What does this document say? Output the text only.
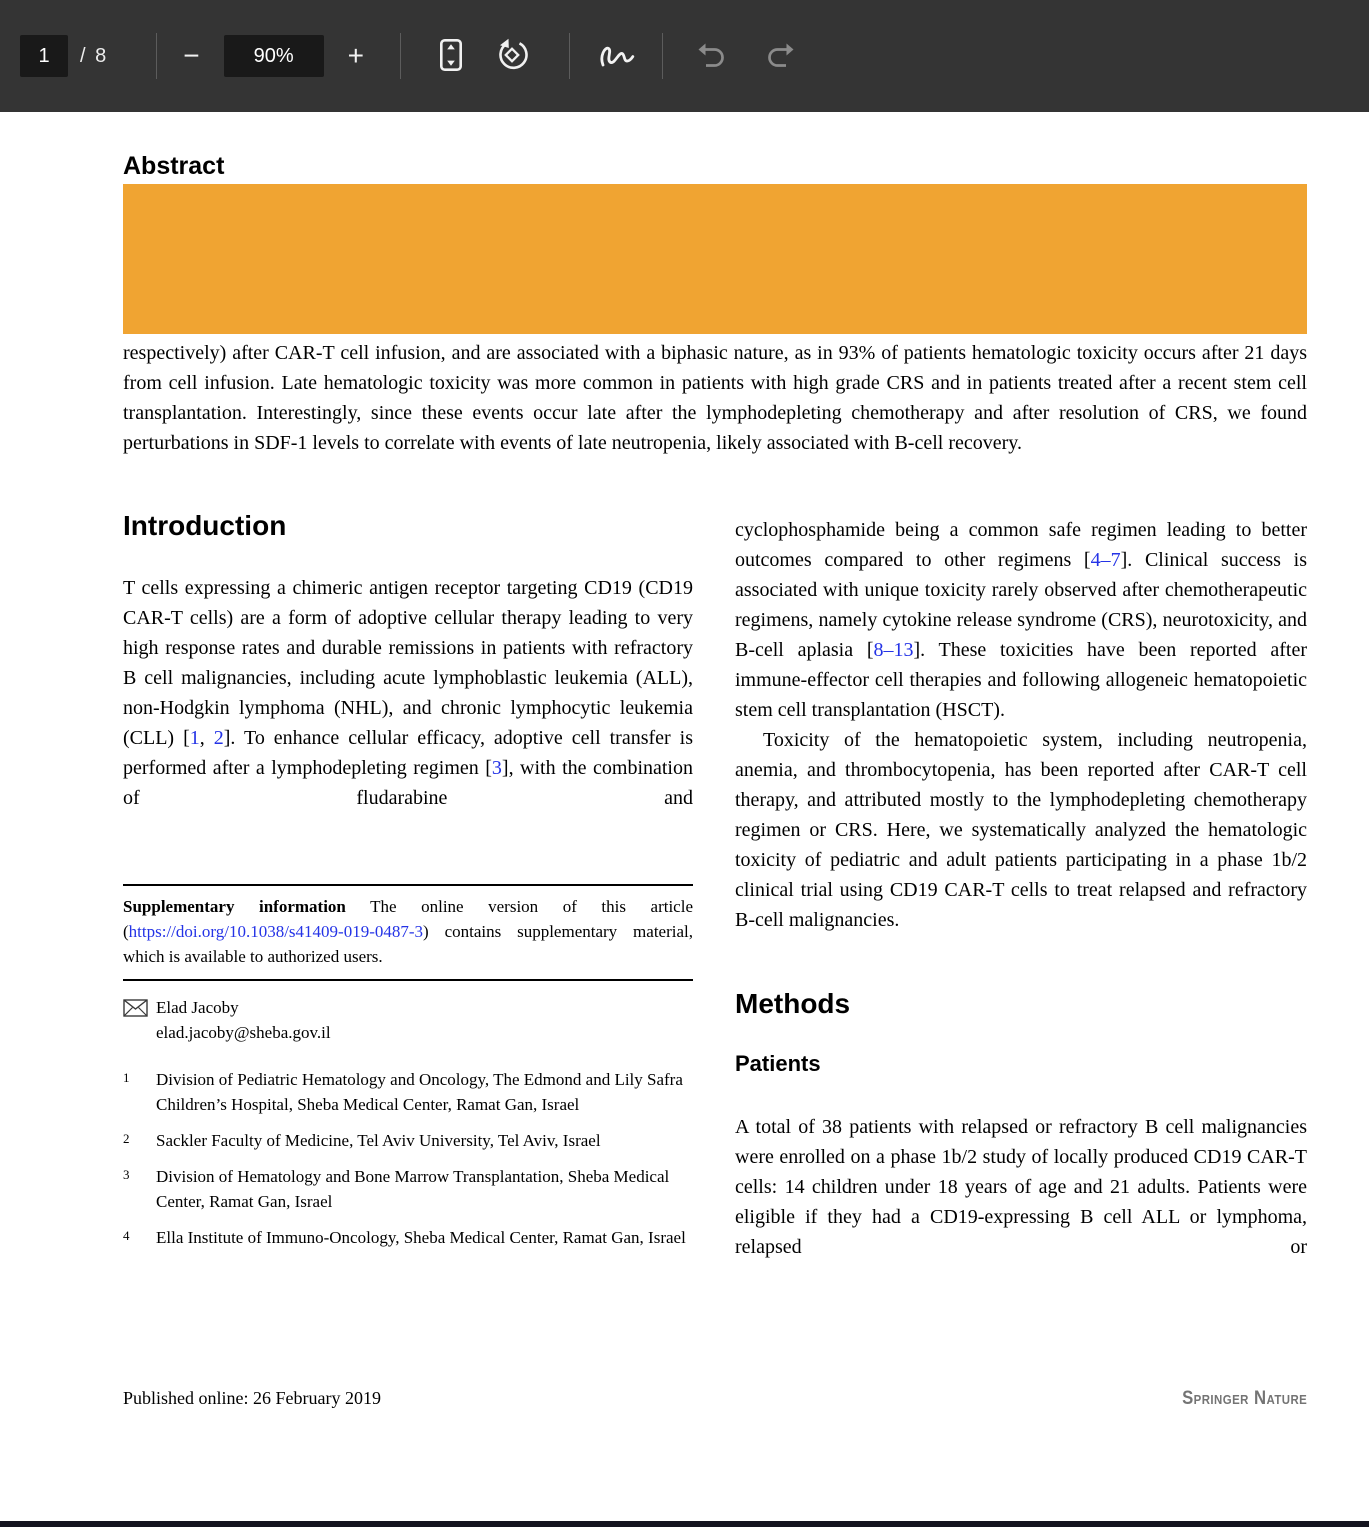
1	/ 8	−	90%	+
Abstract

respectively) after CAR-T cell infusion, and are associated with a biphasic nature, as in 93% of patients hematologic toxicity occurs after 21 days from cell infusion. Late hematologic toxicity was more common in patients with high grade CRS and in patients treated after a recent stem cell transplantation. Interestingly, since these events occur late after the lymphodepleting chemotherapy and after resolution of CRS, we found perturbations in SDF-1 levels to correlate with events of late neutropenia, likely associated with B-cell recovery.

Introduction

T cells expressing a chimeric antigen receptor targeting CD19 (CD19 CAR-T cells) are a form of adoptive cellular therapy leading to very high response rates and durable remissions in patients with refractory B cell malignancies, including acute lymphoblastic leukemia (ALL), non-Hodgkin lymphoma (NHL), and chronic lymphocytic leukemia (CLL) [1, 2]. To enhance cellular efficacy, adoptive cell transfer is performed after a lymphodepleting regimen [3], with the combination of fludarabine and

Supplementary information The online version of this article (https://doi.org/10.1038/s41409-019-0487-3) contains supplementary material, which is available to authorized users.
Elad Jacoby
elad.jacoby@sheba.gov.il
1	Division of Pediatric Hematology and Oncology, The Edmond and Lily Safra Children’s Hospital, Sheba Medical Center, Ramat Gan, Israel
2	Sackler Faculty of Medicine, Tel Aviv University, Tel Aviv, Israel
3	Division of Hematology and Bone Marrow Transplantation, Sheba Medical Center, Ramat Gan, Israel
4	Ella Institute of Immuno-Oncology, Sheba Medical Center, Ramat Gan, Israel

cyclophosphamide being a common safe regimen leading to better outcomes compared to other regimens [4–7]. Clinical success is associated with unique toxicity rarely observed after chemotherapeutic regimens, namely cytokine release syndrome (CRS), neurotoxicity, and B-cell aplasia [8–13]. These toxicities have been reported after immune-effector cell therapies and following allogeneic hematopoietic stem cell transplantation (HSCT).

Toxicity of the hematopoietic system, including neutropenia, anemia, and thrombocytopenia, has been reported after CAR-T cell therapy, and attributed mostly to the lymphodepleting chemotherapy regimen or CRS. Here, we systematically analyzed the hematologic toxicity of pediatric and adult patients participating in a phase 1b/2 clinical trial using CD19 CAR-T cells to treat relapsed and refractory B-cell malignancies.

Methods
Patients

A total of 38 patients with relapsed or refractory B cell malignancies were enrolled on a phase 1b/2 study of locally produced CD19 CAR-T cells: 14 children under 18 years of age and 21 adults. Patients were eligible if they had a CD19-expressing B cell ALL or lymphoma, relapsed or

Published online: 26 February 2019	Springer Nature
